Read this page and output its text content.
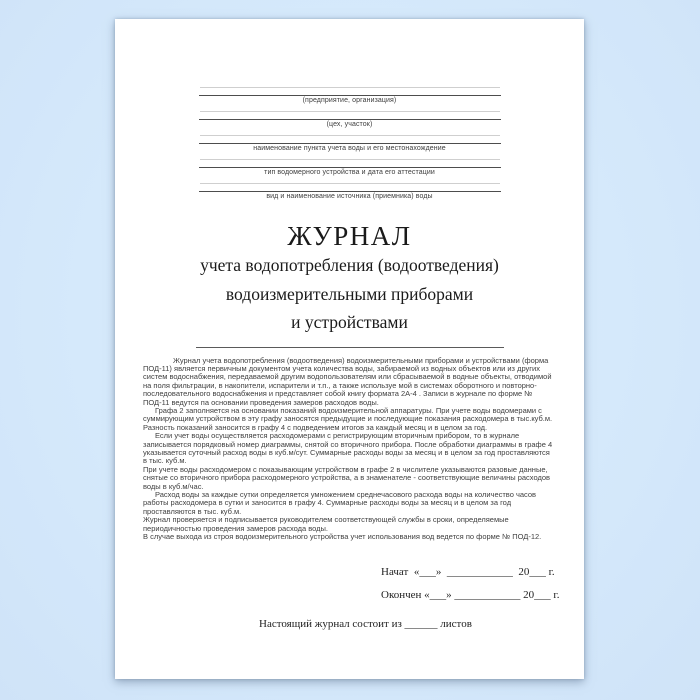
(предприятие, организация)
(цех, участок)
наименование пункта учета воды и его местонахождение
тип водомерного устройства и дата его аттестации
вид и наименование источника (приемника) воды
ЖУРНАЛ
учета водопотребления (водоотведения)
водоизмерительными приборами
и устройствами

Журнал учета водопотребления (водоотведения) водоизмерительными приборами и устройствами (форма ПОД-11) является первичным документом учета количества воды, забираемой из водных объектов или из других систем водоснабжения, передаваемой другим водопользователям или сбрасываемой в водные объекты, отводимой на поля фильтрации, в накопители, испарители и т.п., а также используе мой в системах оборотного и повторно-последовательного водоснабжения и представляет собой книгу формата 2А-4 . Записи в журнале по форме № ПОД-11 ведутся па основании проведения замеров расходов воды.

Графа 2 заполняется на основании показаний водоизмерительной аппаратуры. При учете воды водомерами с суммирующим устройством в эту графу заносятся предыдущие и последующие показания расходомера в тыс.куб.м. Разность показаний заносится в графу 4 с подведением итогов за каждый месяц и в целом за год.

Если учет воды осуществляется расходомерами с регистрирующим вторичным прибором, то в журнале записывается порядковый номер диаграммы, снятой со вторичного прибора. После обработки диаграммы в графе 4 указывается суточный расход воды в куб.м/сут. Суммарные расходы воды за месяц и в целом за год проставляются в тыс. куб.м.

При учете воды расходомером с показывающим устройством в графе 2 в числителе указываются разовые данные, снятые со вторичного прибора расходомерного устройства, а в знаменателе - соответствующие величины расходов воды в куб.м/час.

Расход воды за каждые сутки определяется умножением среднечасового расхода воды на количество часов работы расходомера в сутки и заносится в графу 4. Суммарные расходы воды за месяц и в целом за год проставляются в тыс. куб.м.

Журнал проверяется и подписывается руководителем соответствующей службы в сроки, определяемые периодичностью проведения замеров расхода воды.

В случае выхода из строя водоизмерительного устройства учет использования вод ведется по форме № ПОД-12.

Начат  «___»  ____________  20___ г.
Окончен «___» ____________ 20___ г.
Настоящий журнал состоит из ______ листов
